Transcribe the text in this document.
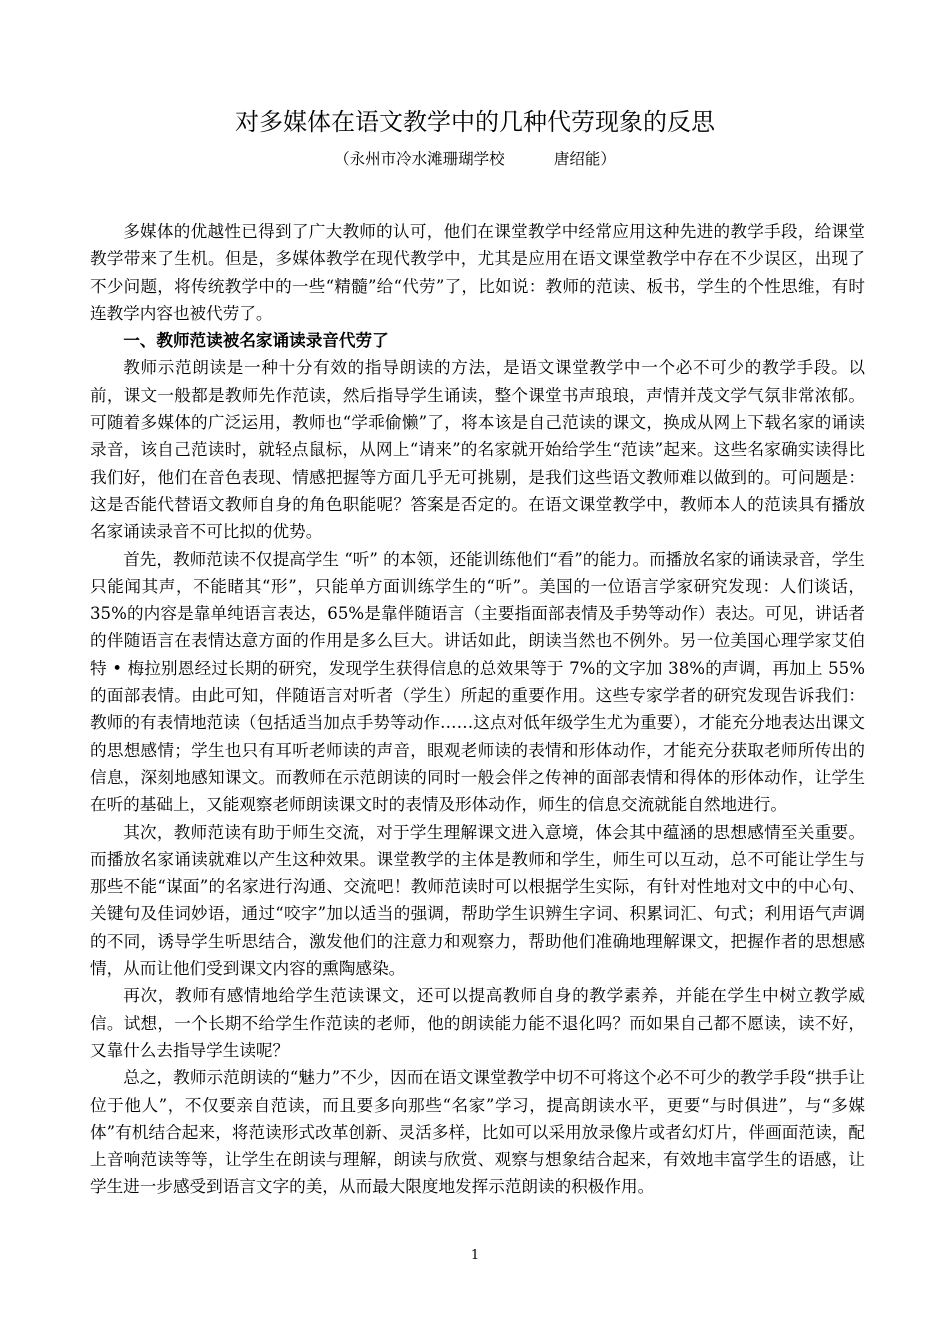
对多媒体在语文教学中的几种代劳现象的反思
（永州市冷水滩珊瑚学校          唐绍能）

多媒体的优越性已得到了广大教师的认可，他们在课堂教学中经常应用这种先进的教学手段，给课堂教学带来了生机。但是，多媒体教学在现代教学中，尤其是应用在语文课堂教学中存在不少误区，出现了不少问题，将传统教学中的一些“精髓”给“代劳”了，比如说：教师的范读、板书，学生的个性思维，有时连教学内容也被代劳了。

一、教师范读被名家诵读录音代劳了

教师示范朗读是一种十分有效的指导朗读的方法，是语文课堂教学中一个必不可少的教学手段。以前，课文一般都是教师先作范读，然后指导学生诵读，整个课堂书声琅琅，声情并茂文学气氛非常浓郁。可随着多媒体的广泛运用，教师也“学乖偷懒”了，将本该是自己范读的课文，换成从网上下载名家的诵读录音，该自己范读时，就轻点鼠标，从网上“请来”的名家就开始给学生“范读”起来。这些名家确实读得比我们好，他们在音色表现、情感把握等方面几乎无可挑剔，是我们这些语文教师难以做到的。可问题是：这是否能代替语文教师自身的角色职能呢？答案是否定的。在语文课堂教学中，教师本人的范读具有播放名家诵读录音不可比拟的优势。

首先，教师范读不仅提高学生 “听” 的本领，还能训练他们“看”的能力。而播放名家的诵读录音，学生只能闻其声，不能睹其“形”，只能单方面训练学生的“听”。美国的一位语言学家研究发现：人们谈话，35%的内容是靠单纯语言表达，65%是靠伴随语言（主要指面部表情及手势等动作）表达。可见，讲话者的伴随语言在表情达意方面的作用是多么巨大。讲话如此，朗读当然也不例外。另一位美国心理学家艾伯特 • 梅拉别恩经过长期的研究，发现学生获得信息的总效果等于 7%的文字加 38%的声调，再加上 55%的面部表情。由此可知，伴随语言对听者（学生）所起的重要作用。这些专家学者的研究发现告诉我们：教师的有表情地范读（包括适当加点手势等动作……这点对低年级学生尤为重要），才能充分地表达出课文的思想感情；学生也只有耳听老师读的声音，眼观老师读的表情和形体动作，才能充分获取老师所传出的信息，深刻地感知课文。而教师在示范朗读的同时一般会伴之传神的面部表情和得体的形体动作，让学生在听的基础上，又能观察老师朗读课文时的表情及形体动作，师生的信息交流就能自然地进行。

其次，教师范读有助于师生交流，对于学生理解课文进入意境，体会其中蕴涵的思想感情至关重要。而播放名家诵读就难以产生这种效果。课堂教学的主体是教师和学生，师生可以互动，总不可能让学生与那些不能“谋面”的名家进行沟通、交流吧！教师范读时可以根据学生实际，有针对性地对文中的中心句、关键句及佳词妙语，通过“咬字”加以适当的强调，帮助学生识辨生字词、积累词汇、句式；利用语气声调的不同，诱导学生听思结合，激发他们的注意力和观察力，帮助他们准确地理解课文，把握作者的思想感情，从而让他们受到课文内容的熏陶感染。

再次，教师有感情地给学生范读课文，还可以提高教师自身的教学素养，并能在学生中树立教学威信。试想，一个长期不给学生作范读的老师，他的朗读能力能不退化吗？而如果自己都不愿读，读不好，又靠什么去指导学生读呢？

总之，教师示范朗读的“魅力”不少，因而在语文课堂教学中切不可将这个必不可少的教学手段“拱手让位于他人”，不仅要亲自范读，而且要多向那些“名家”学习，提高朗读水平，更要“与时俱进”，与“多媒体”有机结合起来，将范读形式改革创新、灵活多样，比如可以采用放录像片或者幻灯片，伴画面范读，配上音响范读等等，让学生在朗读与理解，朗读与欣赏、观察与想象结合起来，有效地丰富学生的语感，让学生进一步感受到语言文字的美，从而最大限度地发挥示范朗读的积极作用。

1
